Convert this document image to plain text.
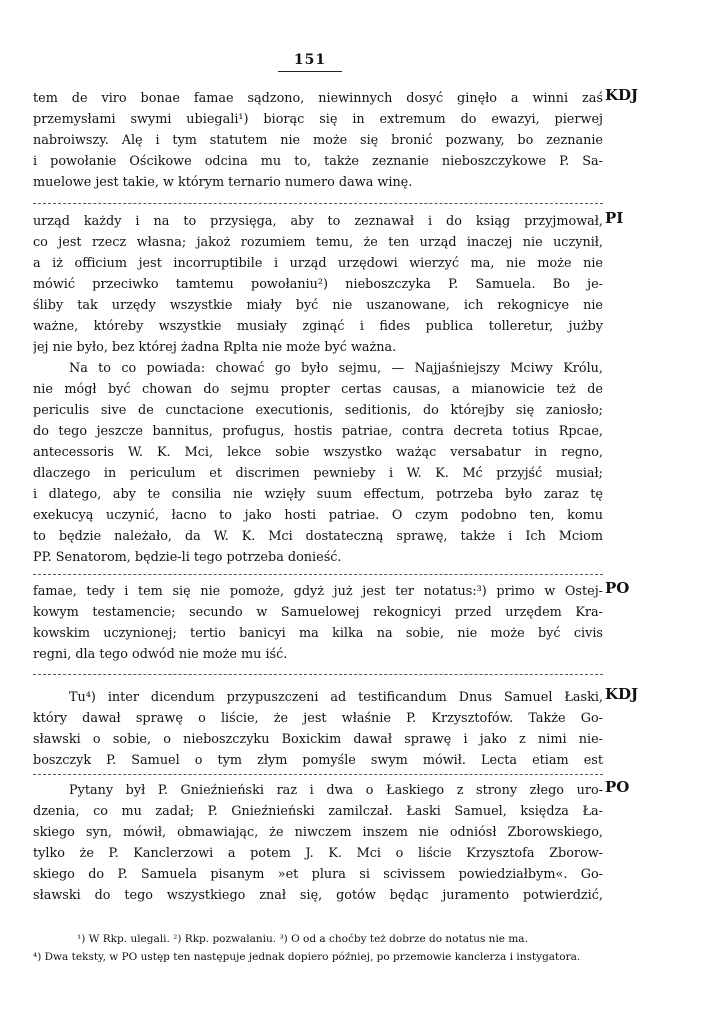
151
KDJ

tem de viro bonae famae sądzono, niewinnych dosyć ginęło a winni zaś

przemysłami swymi ubiegali¹) biorąc się in extremum do ewazyi, pierwej

nabroiwszy. Alę i tym statutem nie może się bronić pozwany, bo zeznanie

i powołanie Ościkowe odcina mu to, także zeznanie nieboszczykowe P. Sa-

muelowe jest takie, w którym ternario numero dawa winę.

PI

urząd każdy i na to przysięga, aby to zeznawał i do ksiąg przyjmował,

co jest rzecz własna; jakoż rozumiem temu, że ten urząd inaczej nie uczynił,

a iż officium jest incorruptibile i urząd urzędowi wierzyć ma, nie może nie

mówić przeciwko tamtemu powołaniu²) nieboszczyka P. Samuela. Bo je-

śliby tak urzędy wszystkie miały być nie uszanowane, ich rekognicye nie

ważne, któreby wszystkie musiały zginąć i fides publica tolleretur, jużby

jej nie było, bez której żadna Rplta nie może być ważna.

Na to co powiada: chować go było sejmu, — Najjaśniejszy Mciwy Królu,

nie mógł być chowan do sejmu propter certas causas, a mianowicie też de

periculis sive de cunctacione executionis, seditionis, do którejby się zaniosło;

do tego jeszcze bannitus, profugus, hostis patriae, contra decreta totius Rpcae,

antecessoris W. K. Mci, lekce sobie wszystko ważąc versabatur in regno,

dlaczego in periculum et discrimen pewnieby i W. K. Mć przyjść musiał;

i dlatego, aby te consilia nie wzięły suum effectum, potrzeba było zaraz tę

exekucyą uczynić, łacno to jako hosti patriae. O czym podobno ten, komu

to będzie należało, da W. K. Mci dostateczną sprawę, także i Ich Mciom

PP. Senatorom, będzie-li tego potrzeba donieść.

PO

famae, tedy i tem się nie pomoże, gdyż już jest ter notatus:³) primo w Ostej-

kowym testamencie; secundo w Samuelowej rekognicyi przed urzędem Kra-

kowskim uczynionej; tertio banicyi ma kilka na sobie, nie może być civis

regni, dla tego odwód nie może mu iść.

KDJ

Tu⁴) inter dicendum przypuszczeni ad testificandum Dnus Samuel Łaski,

który dawał sprawę o liście, że jest właśnie P. Krzysztofów. Także Go-

sławski o sobie, o nieboszczyku Boxickim dawał sprawę i jako z nimi nie-

boszczyk P. Samuel o tym złym pomyśle swym mówił. Lecta etiam est

PO

Pytany był P. Gnieźnieński raz i dwa o Łaskiego z strony złego uro-

dzenia, co mu zadał; P. Gnieźnieński zamilczał. Łaski Samuel, księdza Ła-

skiego syn, mówił, obmawiając, że niwczem inszem nie odniósł Zborowskiego,

tylko że P. Kanclerzowi a potem J. K. Mci o liście Krzysztofa Zborow-

skiego do P. Samuela pisanym »et plura si scivissem powiedziałbym«. Go-

sławski do tego wszystkiego znał się, gotów będąc juramento potwierdzić,

¹) W Rkp. ulegali. ²) Rkp. pozwalaniu. ³) O od a choćby też dobrze do notatus nie ma.

⁴) Dwa teksty, w PO ustęp ten następuje jednak dopiero później, po przemowie kanclerza i instygatora.
